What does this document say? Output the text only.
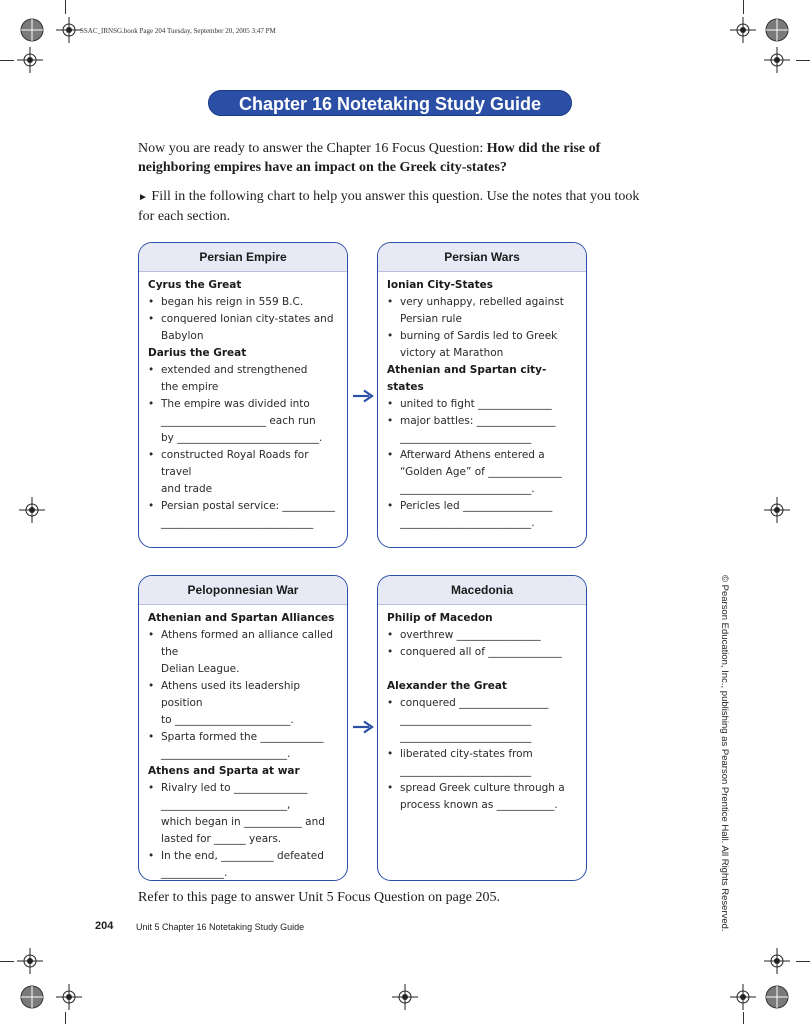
SSAC_IRNSG.book Page 204 Tuesday, September 20, 2005 3:47 PM
Chapter 16 Notetaking Study Guide
Now you are ready to answer the Chapter 16 Focus Question: How did the rise of neighboring empires have an impact on the Greek city-states?
► Fill in the following chart to help you answer this question. Use the notes that you took for each section.
Persian Empire
Cyrus the Great
• began his reign in 559 B.C.
• conquered Ionian city-states and
Babylon
Darius the Great
• extended and strengthened
the empire
• The empire was divided into
____________________ each run
by ___________________________.
• constructed Royal Roads for travel
and trade
• Persian postal service: __________
_____________________________
Persian Wars
Ionian City-States
• very unhappy, rebelled against
Persian rule
• burning of Sardis led to Greek
victory at Marathon
Athenian and Spartan city-states
• united to fight ______________
• major battles: _______________
_________________________
• Afterward Athens entered a
“Golden Age” of ______________
_________________________.
• Pericles led _________________
_________________________.
Peloponnesian War
Athenian and Spartan Alliances
• Athens formed an alliance called the
Delian League.
• Athens used its leadership position
to ______________________.
• Sparta formed the ____________
________________________.
Athens and Sparta at war
• Rivalry led to ______________
________________________,
which began in ___________ and
lasted for ______ years.
• In the end, __________ defeated
____________.
Macedonia
Philip of Macedon
• overthrew ________________
• conquered all of ______________
Alexander the Great
• conquered _________________
_________________________
_________________________
• liberated city-states from
_________________________
• spread Greek culture through a
process known as ___________.
Refer to this page to answer Unit 5 Focus Question on page 205.
204	Unit 5 Chapter 16 Notetaking Study Guide	© Pearson Education, Inc., publishing as Pearson Prentice Hall. All Rights Reserved.
